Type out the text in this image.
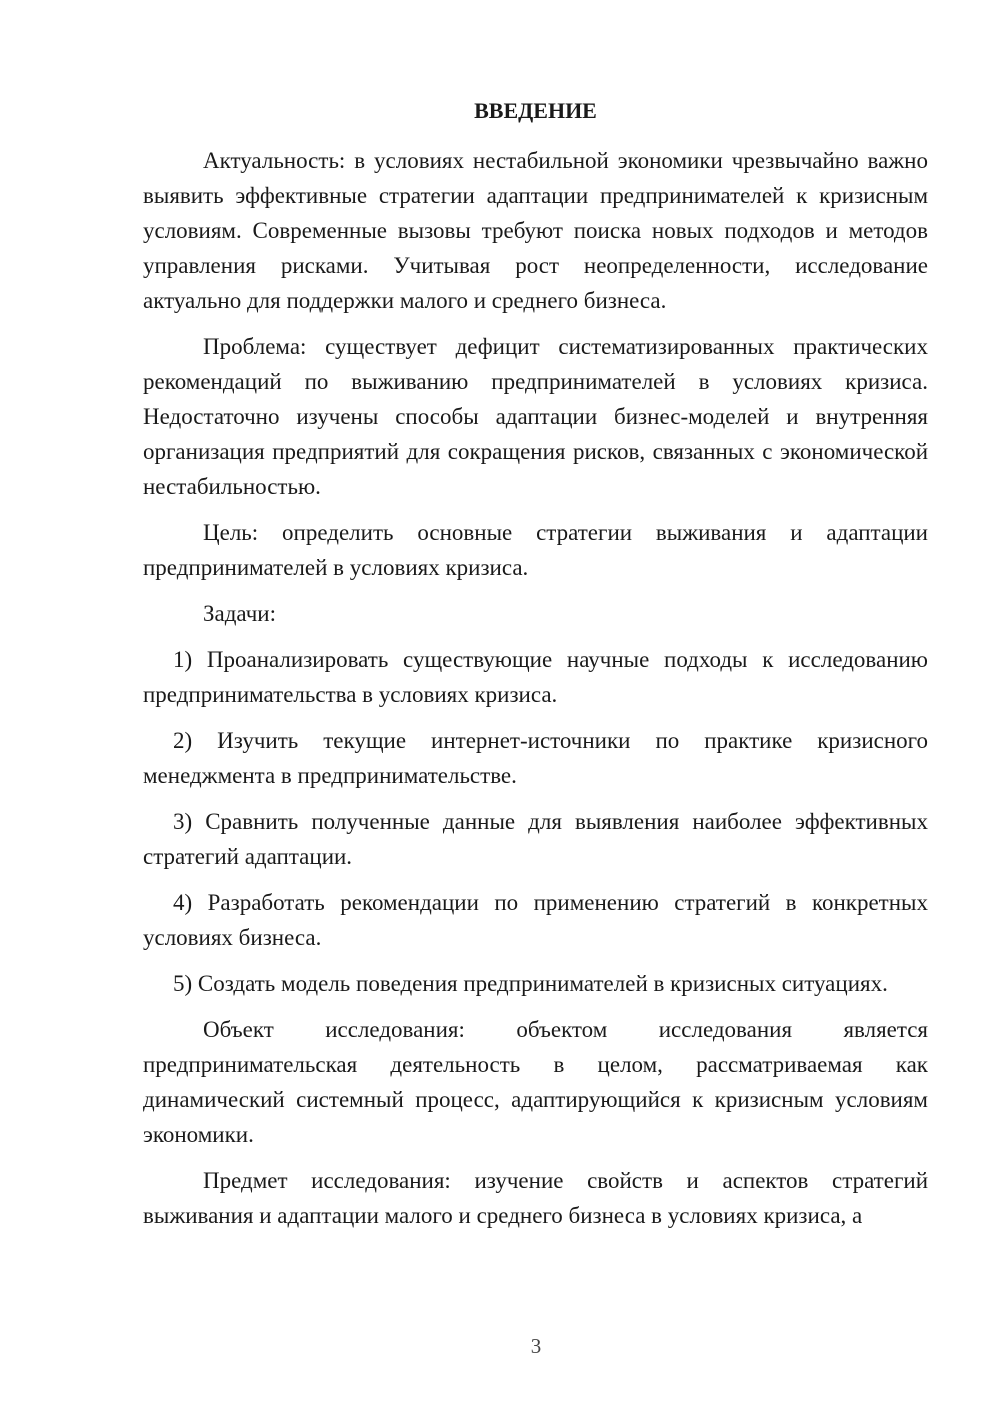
ВВЕДЕНИЕ

Актуальность: в условиях нестабильной экономики чрезвычайно важно выявить эффективные стратегии адаптации предпринимателей к кризисным условиям. Современные вызовы требуют поиска новых подходов и методов управления рисками. Учитывая рост неопределенности, исследование актуально для поддержки малого и среднего бизнеса.

Проблема: существует дефицит систематизированных практических рекомендаций по выживанию предпринимателей в условиях кризиса. Недостаточно изучены способы адаптации бизнес-моделей и внутренняя организация предприятий для сокращения рисков, связанных с экономической нестабильностью.

Цель: определить основные стратегии выживания и адаптации предпринимателей в условиях кризиса.

Задачи:

1) Проанализировать существующие научные подходы к исследованию предпринимательства в условиях кризиса.

2) Изучить текущие интернет-источники по практике кризисного менеджмента в предпринимательстве.

3) Сравнить полученные данные для выявления наиболее эффективных стратегий адаптации.

4) Разработать рекомендации по применению стратегий в конкретных условиях бизнеса.

5) Создать модель поведения предпринимателей в кризисных ситуациях.

Объект исследования: объектом исследования является предпринимательская деятельность в целом, рассматриваемая как динамический системный процесс, адаптирующийся к кризисным условиям экономики.

Предмет исследования: изучение свойств и аспектов стратегий выживания и адаптации малого и среднего бизнеса в условиях кризиса, а

3
